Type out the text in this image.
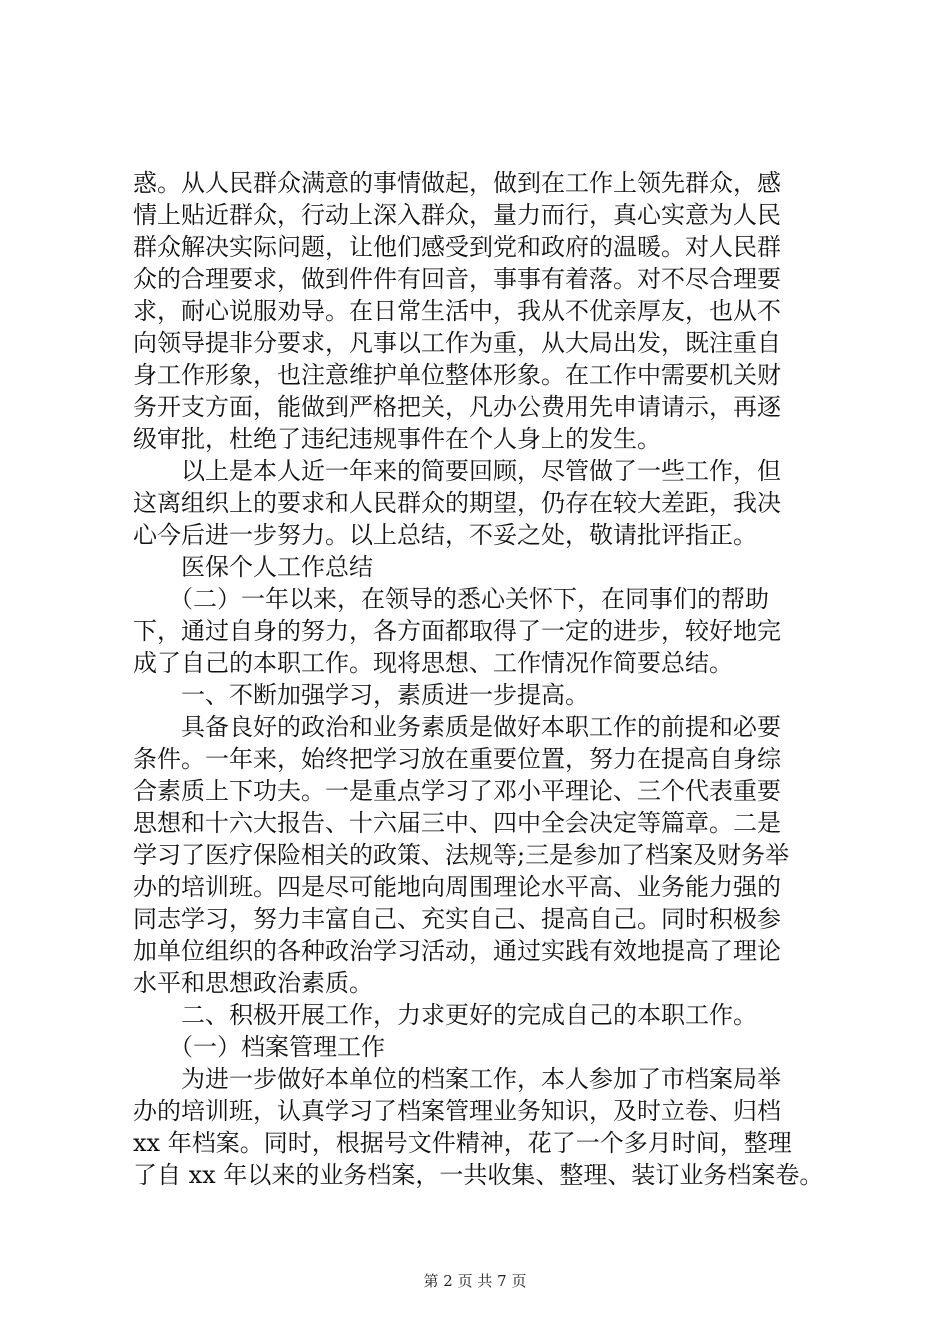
惑。从人民群众满意的事情做起，做到在工作上领先群众，感
情上贴近群众，行动上深入群众，量力而行，真心实意为人民
群众解决实际问题，让他们感受到党和政府的温暖。对人民群
众的合理要求，做到件件有回音，事事有着落。对不尽合理要
求，耐心说服劝导。在日常生活中，我从不优亲厚友，也从不
向领导提非分要求，凡事以工作为重，从大局出发，既注重自
身工作形象，也注意维护单位整体形象。在工作中需要机关财
务开支方面，能做到严格把关，凡办公费用先申请请示，再逐
级审批，杜绝了违纪违规事件在个人身上的发生。
　　以上是本人近一年来的简要回顾，尽管做了一些工作，但
这离组织上的要求和人民群众的期望，仍存在较大差距，我决
心今后进一步努力。以上总结，不妥之处，敬请批评指正。
　　医保个人工作总结
　　（二）一年以来，在领导的悉心关怀下，在同事们的帮助
下，通过自身的努力，各方面都取得了一定的进步，较好地完
成了自己的本职工作。现将思想、工作情况作简要总结。
　　一、不断加强学习，素质进一步提高。
　　具备良好的政治和业务素质是做好本职工作的前提和必要
条件。一年来，始终把学习放在重要位置，努力在提高自身综
合素质上下功夫。一是重点学习了邓小平理论、三个代表重要
思想和十六大报告、十六届三中、四中全会决定等篇章。二是
学习了医疗保险相关的政策、法规等;三是参加了档案及财务举
办的培训班。四是尽可能地向周围理论水平高、业务能力强的
同志学习，努力丰富自己、充实自己、提高自己。同时积极参
加单位组织的各种政治学习活动，通过实践有效地提高了理论
水平和思想政治素质。
　　二、积极开展工作，力求更好的完成自己的本职工作。
　　（一）档案管理工作
　　为进一步做好本单位的档案工作，本人参加了市档案局举
办的培训班，认真学习了档案管理业务知识，及时立卷、归档
xx 年档案。同时，根据号文件精神，花了一个多月时间，整理
了自 xx 年以来的业务档案，一共收集、整理、装订业务档案卷。
第 2 页 共 7 页
